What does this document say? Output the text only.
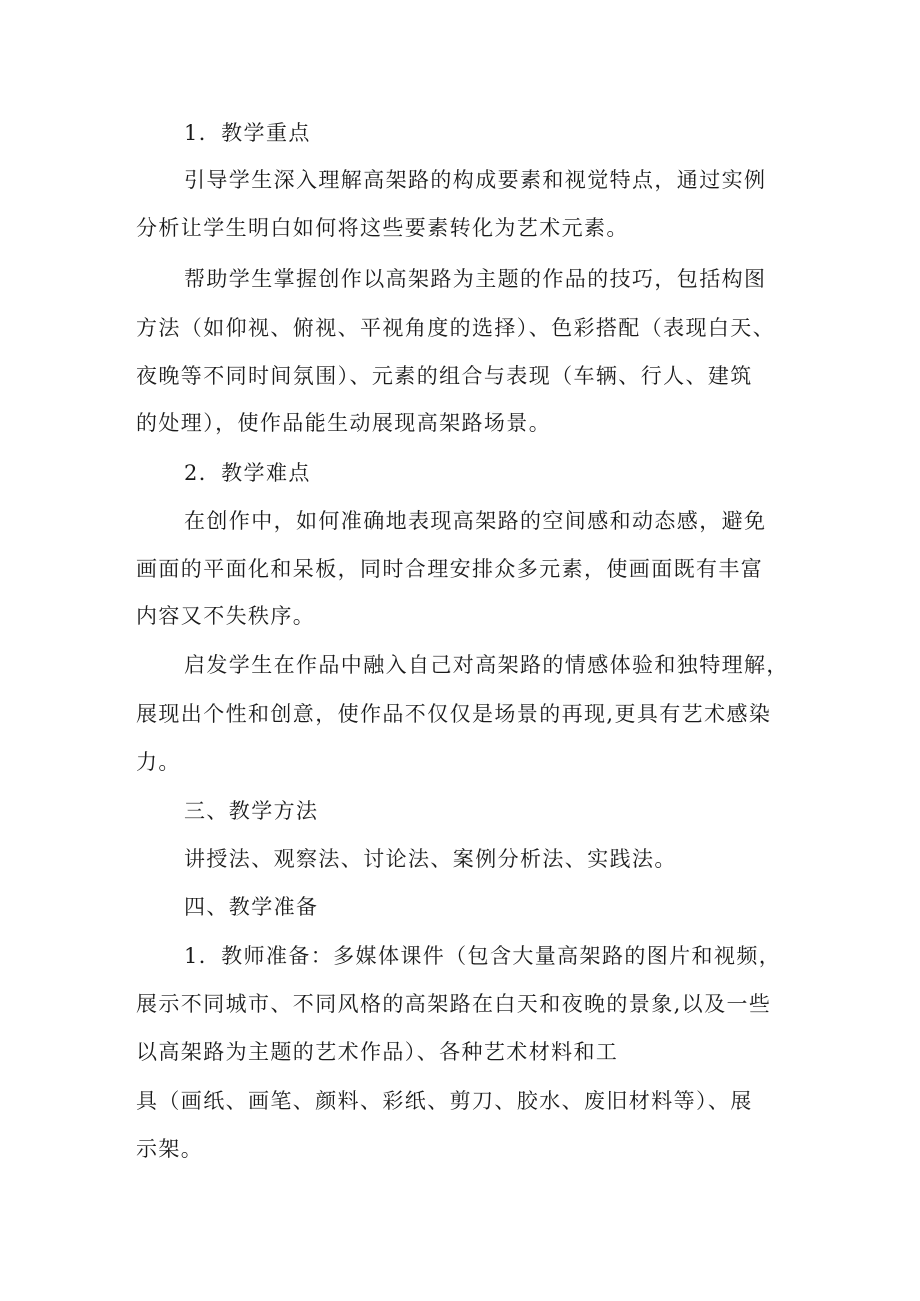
1．教学重点
引导学生深入理解高架路的构成要素和视觉特点，通过实例
分析让学生明白如何将这些要素转化为艺术元素。
帮助学生掌握创作以高架路为主题的作品的技巧，包括构图
方法（如仰视、俯视、平视角度的选择）、色彩搭配（表现白天、
夜晚等不同时间氛围）、元素的组合与表现（车辆、行人、建筑
的处理），使作品能生动展现高架路场景。
2．教学难点
在创作中，如何准确地表现高架路的空间感和动态感，避免
画面的平面化和呆板，同时合理安排众多元素，使画面既有丰富
内容又不失秩序。
启发学生在作品中融入自己对高架路的情感体验和独特理解，
展现出个性和创意，使作品不仅仅是场景的再现,更具有艺术感染
力。
三、教学方法
讲授法、观察法、讨论法、案例分析法、实践法。
四、教学准备
1．教师准备：多媒体课件（包含大量高架路的图片和视频，
展示不同城市、不同风格的高架路在白天和夜晚的景象,以及一些
以高架路为主题的艺术作品）、各种艺术材料和工
具（画纸、画笔、颜料、彩纸、剪刀、胶水、废旧材料等）、展
示架。
